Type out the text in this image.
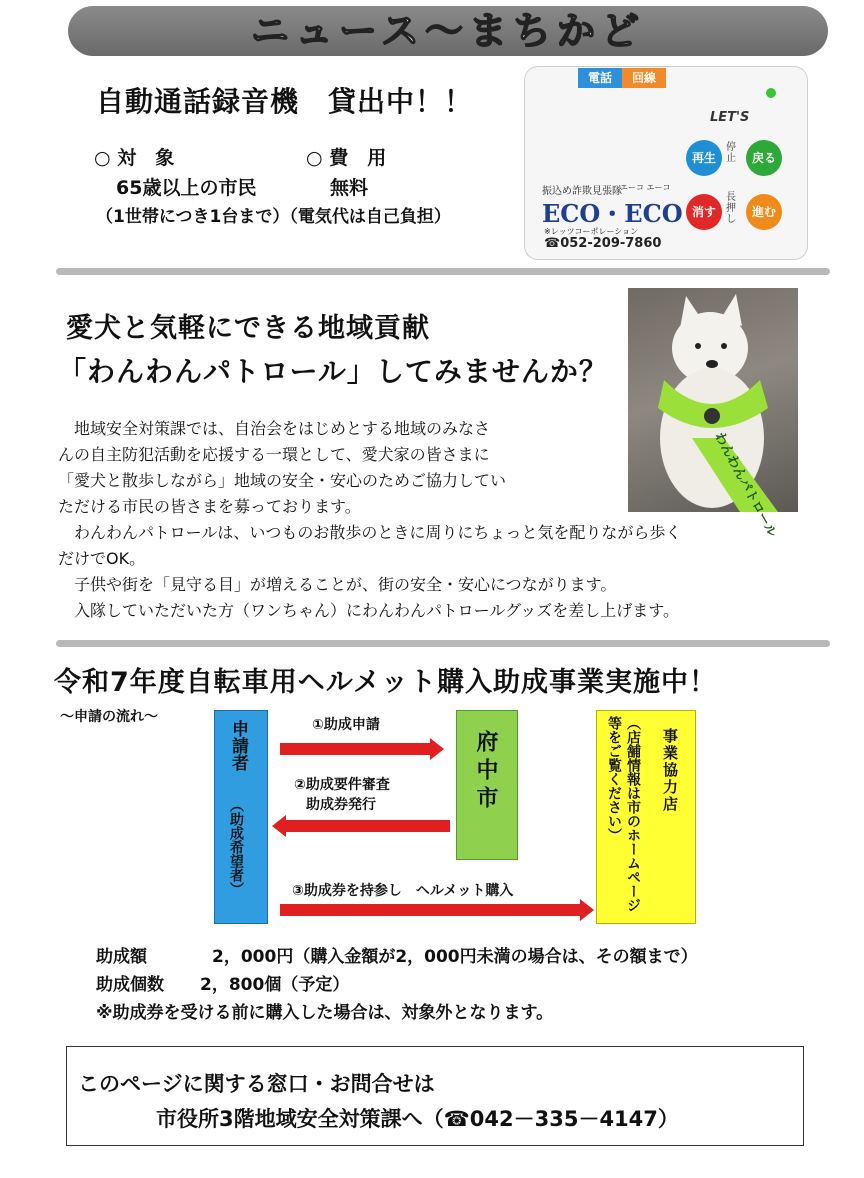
ニュース〜まちかど
自動通話録音機　貸出中！！
○ 対　象	○ 費　用
65歳以上の市民	無料
（1世帯につき1台まで）（電気代は自己負担）
電話	回線
LET'S
振込め詐欺見張隊
エーコ エーコ
ECO・ECO
※レッツコーポレーション
☎052-209-7860
再生	戻る
消す	進む
停止
長押し
愛犬と気軽にできる地域貢献
「わんわんパトロール」してみませんか？
わんわんパトロール
　地域安全対策課では、自治会をはじめとする地域のみなさ
んの自主防犯活動を応援する一環として、愛犬家の皆さまに
「愛犬と散歩しながら」地域の安全・安心のためご協力してい
ただける市民の皆さまを募っております。
　わんわんパトロールは、いつものお散歩のときに周りにちょっと気を配りながら歩く
だけでOK。
　子供や街を「見守る目」が増えることが、街の安全・安心につながります。
　入隊していただいた方（ワンちゃん）にわんわんパトロールグッズを差し上げます。
令和7年度自転車用ヘルメット購入助成事業実施中！
〜申請の流れ〜
申請者
（助成希望者）
府中市	事業協力店
（店舗情報は市のホームページ等をご覧ください）
①助成申請
②助成要件審査
助成券発行
③助成券を持参し　ヘルメット購入
助成額	2，000円（購入金額が2，000円未満の場合は、その額まで）
助成個数 2，800個（予定）
※助成券を受ける前に購入した場合は、対象外となります。
このページに関する窓口・お問合せは
市役所3階地域安全対策課へ（☎042－335－4147）
